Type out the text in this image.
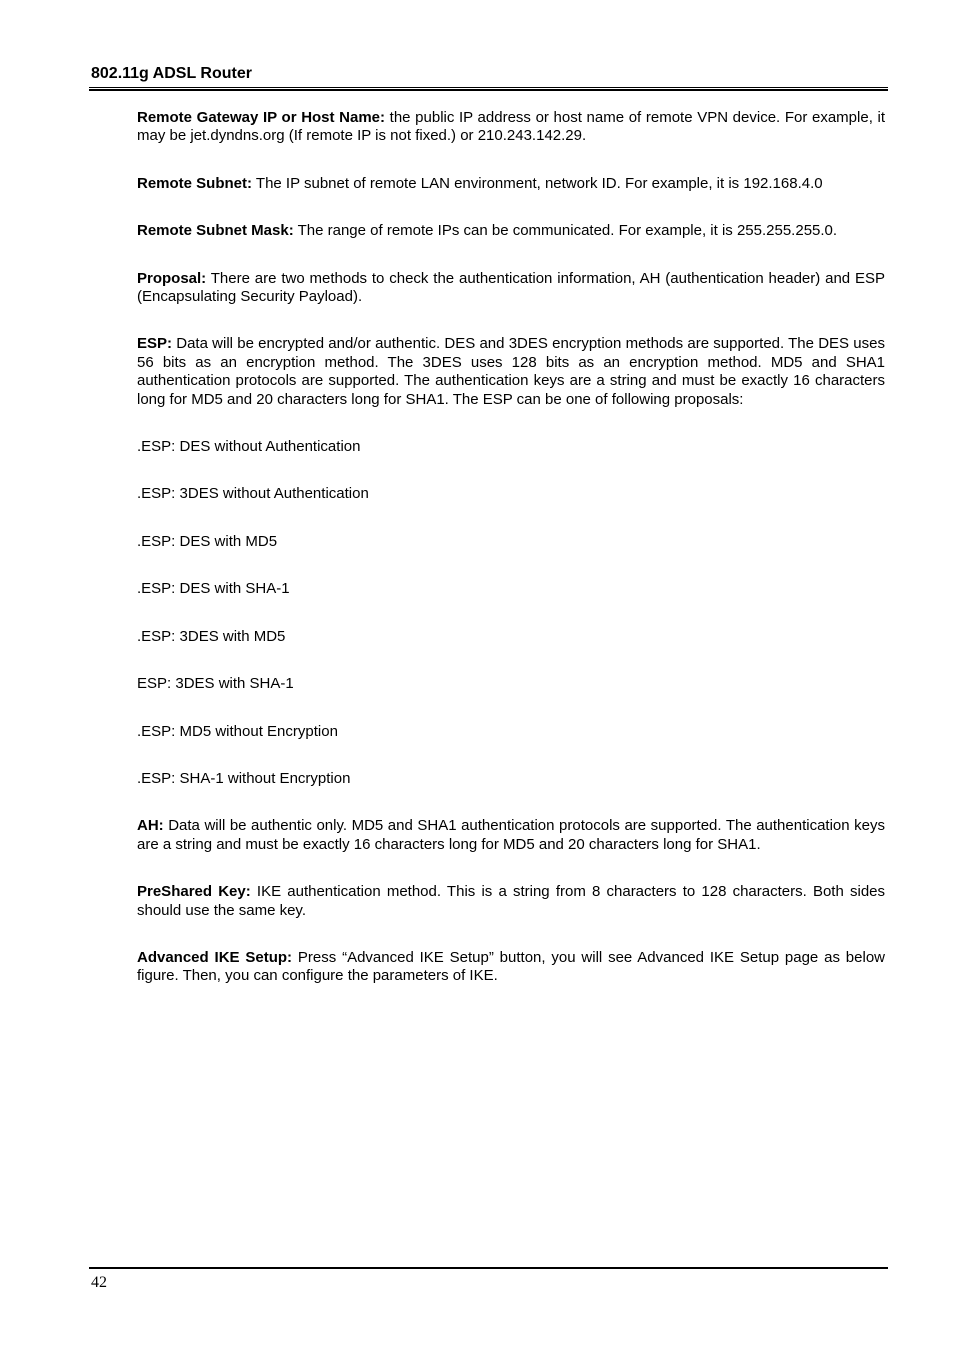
802.11g ADSL Router

Remote Gateway IP or Host Name: the public IP address or host name of remote VPN device. For example, it may be jet.dyndns.org (If remote IP is not fixed.) or 210.243.142.29.

Remote Subnet: The IP subnet of remote LAN environment, network ID. For example, it is 192.168.4.0

Remote Subnet Mask: The range of remote IPs can be communicated. For example, it is 255.255.255.0.

Proposal: There are two methods to check the authentication information, AH (authentication header) and ESP (Encapsulating Security Payload).

ESP: Data will be encrypted and/or authentic. DES and 3DES encryption methods are supported. The DES uses 56 bits as an encryption method. The 3DES uses 128 bits as an encryption method. MD5 and SHA1 authentication protocols are supported. The authentication keys are a string and must be exactly 16 characters long for MD5 and 20 characters long for SHA1. The ESP can be one of following proposals:

.ESP: DES without Authentication
.ESP: 3DES without Authentication
.ESP: DES with MD5
.ESP: DES with SHA-1
.ESP: 3DES with MD5
ESP: 3DES with SHA-1
.ESP: MD5 without Encryption
.ESP: SHA-1 without Encryption

AH: Data will be authentic only. MD5 and SHA1 authentication protocols are supported. The authentication keys are a string and must be exactly 16 characters long for MD5 and 20 characters long for SHA1.

PreShared Key: IKE authentication method. This is a string from 8 characters to 128 characters. Both sides should use the same key.

Advanced IKE Setup: Press “Advanced IKE Setup” button, you will see Advanced IKE Setup page as below figure. Then, you can configure the parameters of IKE.

42
